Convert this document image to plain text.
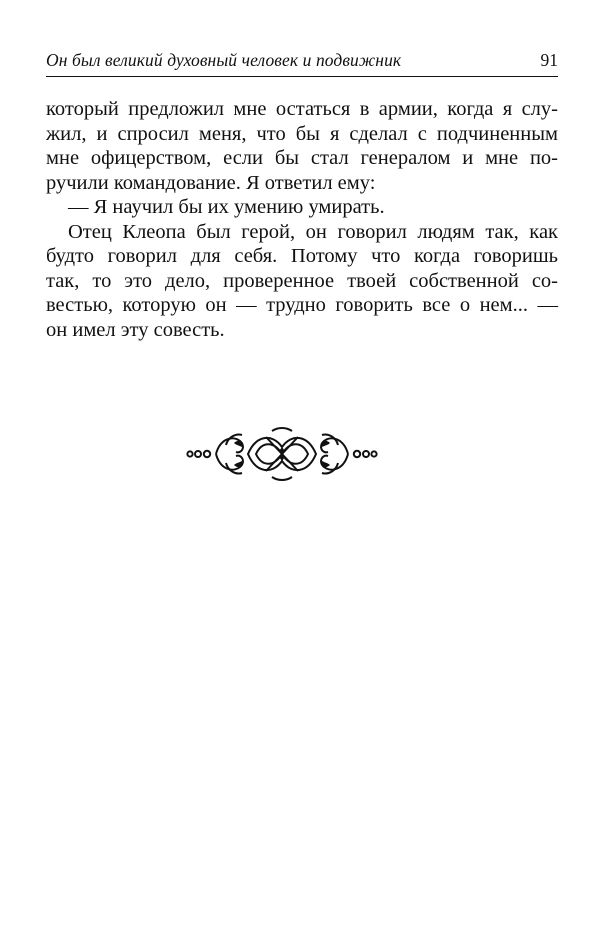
Он был великий духовный человек и подвижник	91
который предложил мне остаться в армии, когда я слу-
жил, и спросил меня, что бы я сделал с подчиненным
мне офицерством, если бы стал генералом и мне по-
ручили командование. Я ответил ему:
— Я научил бы их умению умирать.
Отец Клеопа был герой, он говорил людям так, как
будто говорил для себя. Потому что когда говоришь
так, то это дело, проверенное твоей собственной со-
вестью, которую он — трудно говорить все о нем... —
он имел эту совесть.
